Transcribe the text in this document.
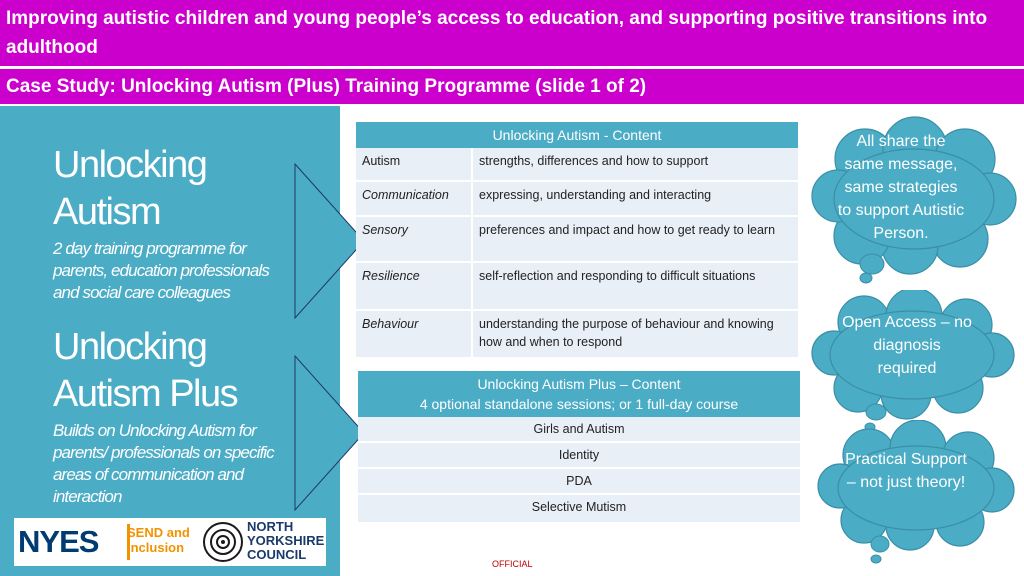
Improving autistic children and young people’s access to education, and supporting positive transitions into adulthood
Case Study: Unlocking Autism (Plus) Training Programme (slide 1 of 2)
Unlocking
Autism

2 day training programme for parents, education professionals and social care colleagues

Unlocking
Autism Plus

Builds on Unlocking Autism for parents/ professionals on specific areas of communication and interaction

NYES SEND and
Inclusion
NORTH
YORKSHIRE
COUNCIL
Unlocking Autism - Content	
Autism	strengths, differences and how to support
Communication	expressing, understanding and interacting
Sensory	preferences and impact and how to get ready to learn
Resilience	self-reflection and responding to difficult situations
Behaviour	understanding the purpose of behaviour and knowing how and when to respond
Unlocking Autism Plus – Content
4 optional standalone sessions; or 1 full-day course
Girls and Autism
Identity
PDA
Selective Mutism
All share the same message, same strategies to support Autistic Person.
Open Access – no diagnosis required
Practical Support – not just theory!
OFFICIAL
